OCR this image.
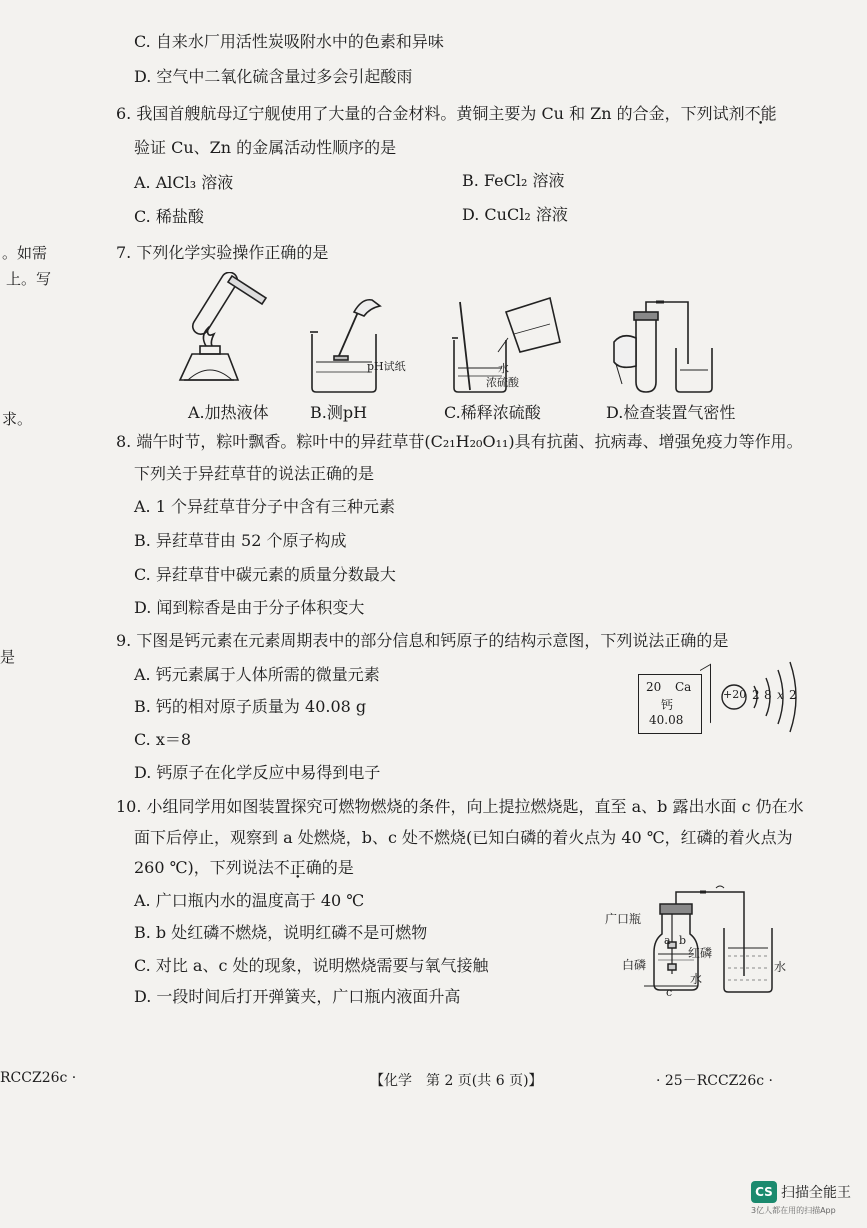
。如需
上。写
求。
是
C. 自来水厂用活性炭吸附水中的色素和异味
D. 空气中二氧化硫含量过多会引起酸雨
6. 我国首艘航母辽宁舰使用了大量的合金材料。黄铜主要为 Cu 和 Zn 的合金，下列试剂不能
验证 Cu、Zn 的金属活动性顺序的是
A. AlCl₃ 溶液	B. FeCl₂ 溶液
C. 稀盐酸	D. CuCl₂ 溶液
7. 下列化学实验操作正确的是
pH试纸	水
浓硫酸
A.加热液体	B.测pH	C.稀释浓硫酸	D.检查装置气密性
8. 端午时节，粽叶飘香。粽叶中的异荭草苷(C₂₁H₂₀O₁₁)具有抗菌、抗病毒、增强免疫力等作用。
下列关于异荭草苷的说法正确的是
A. 1 个异荭草苷分子中含有三种元素
B. 异荭草苷由 52 个原子构成
C. 异荭草苷中碳元素的质量分数最大
D. 闻到粽香是由于分子体积变大
9. 下图是钙元素在元素周期表中的部分信息和钙原子的结构示意图，下列说法正确的是
A. 钙元素属于人体所需的微量元素
B. 钙的相对原子质量为 40.08 g
C. x＝8
D. 钙原子在化学反应中易得到电子
20 Ca
钙
40.08
+20 2 8 x 2
10. 小组同学用如图装置探究可燃物燃烧的条件，向上提拉燃烧匙，直至 a、b 露出水面 c 仍在水
面下后停止，观察到 a 处燃烧，b、c 处不燃烧(已知白磷的着火点为 40 ℃，红磷的着火点为
260 ℃)，下列说法不正确的是
A. 广口瓶内水的温度高于 40 ℃
B. b 处红磷不燃烧，说明红磷不是可燃物
C. 对比 a、c 处的现象，说明燃烧需要与氧气接触
D. 一段时间后打开弹簧夹，广口瓶内液面升高
广口瓶
白磷
红磷
水
水
a b
c
RCCZ26c ·	【化学　第 2 页(共 6 页)】	· 25－RCCZ26c ·
CS 扫描全能王
3亿人都在用的扫描App
